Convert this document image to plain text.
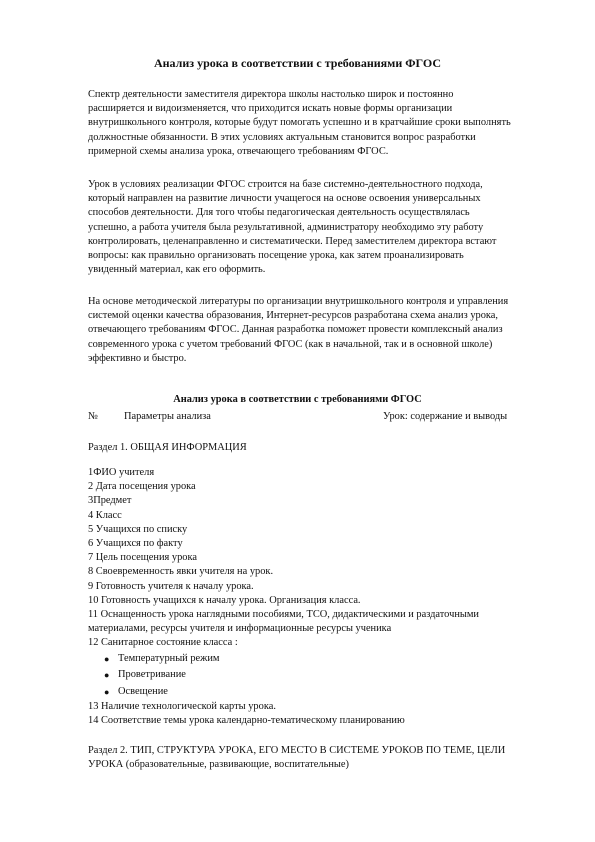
Анализ урока в соответствии с требованиями ФГОС

Спектр деятельности заместителя директора школы настолько широк и постоянно расширяется и видоизменяется, что приходится искать новые формы организации внутришкольного контроля, которые будут помогать успешно и в кратчайшие сроки выполнять должностные обязанности. В этих условиях актуальным становится вопрос разработки примерной схемы анализа урока, отвечающего требованиям ФГОС.

Урок в условиях реализации ФГОС строится на базе системно-деятельностного подхода, который направлен на развитие личности учащегося на основе освоения универсальных способов деятельности. Для того чтобы педагогическая деятельность осуществлялась успешно, а работа учителя была результативной, администратору необходимо эту работу контролировать, целенаправленно и систематически. Перед заместителем директора встают вопросы: как правильно организовать посещение урока, как затем проанализировать увиденный материал, как его оформить.

На основе методической литературы по организации внутришкольного контроля и управления системой оценки качества образования, Интернет-ресурсов разработана схема анализ урока, отвечающего требованиям ФГОС. Данная разработка поможет провести комплексный анализ современного урока с учетом требований ФГОС (как в начальной, так и в основной школе) эффективно и быстро.

Анализ урока в соответствии с требованиями ФГОС
№	Параметры анализа	Урок: содержание и выводы
Раздел 1. ОБЩАЯ ИНФОРМАЦИЯ
1ФИО учителя
2 Дата посещения урока
3Предмет
4 Класс
5 Учащихся по списку
6 Учащихся по факту
7 Цель посещения урока
8 Своевременность явки учителя на урок.
9 Готовность учителя к началу урока.
10 Готовность учащихся к началу урока. Организация класса.
11 Оснащенность урока наглядными пособиями, ТСО, дидактическими и раздаточными материалами, ресурсы учителя и информационные ресурсы ученика
12 Санитарное состояние класса :
● Температурный режим
● Проветривание
● Освещение
13 Наличие технологической карты урока.
14 Соответствие темы урока календарно-тематическому планированию
Раздел 2. ТИП, СТРУКТУРА УРОКА, ЕГО МЕСТО В СИСТЕМЕ УРОКОВ ПО ТЕМЕ, ЦЕЛИ УРОКА (образовательные, развивающие, воспитательные)
